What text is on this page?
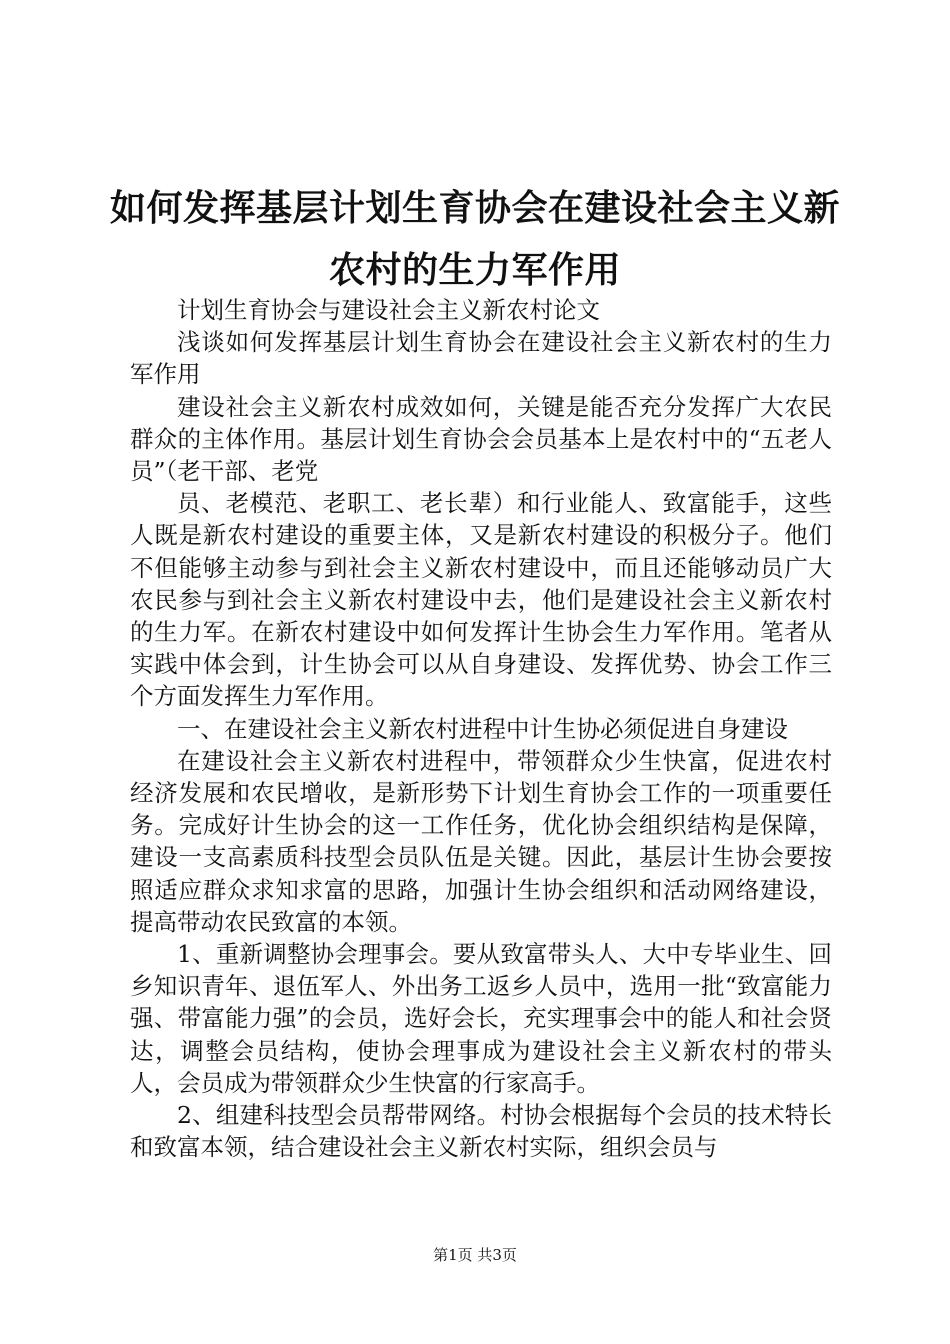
如何发挥基层计划生育协会在建设社会主义新
农村的生力军作用

计划生育协会与建设社会主义新农村论文

浅谈如何发挥基层计划生育协会在建设社会主义新农村的生力军作用

建设社会主义新农村成效如何，关键是能否充分发挥广大农民群众的主体作用。基层计划生育协会会员基本上是农村中的“五老人员”（老干部、老党

员、老模范、老职工、老长辈）和行业能人、致富能手，这些人既是新农村建设的重要主体，又是新农村建设的积极分子。他们不但能够主动参与到社会主义新农村建设中，而且还能够动员广大农民参与到社会主义新农村建设中去，他们是建设社会主义新农村的生力军。在新农村建设中如何发挥计生协会生力军作用。笔者从实践中体会到，计生协会可以从自身建设、发挥优势、协会工作三个方面发挥生力军作用。

一、在建设社会主义新农村进程中计生协必须促进自身建设

在建设社会主义新农村进程中，带领群众少生快富，促进农村经济发展和农民增收，是新形势下计划生育协会工作的一项重要任务。完成好计生协会的这一工作任务，优化协会组织结构是保障，建设一支高素质科技型会员队伍是关键。因此，基层计生协会要按照适应群众求知求富的思路，加强计生协会组织和活动网络建设，提高带动农民致富的本领。

1、重新调整协会理事会。要从致富带头人、大中专毕业生、回乡知识青年、退伍军人、外出务工返乡人员中，选用一批“致富能力强、带富能力强”的会员，选好会长，充实理事会中的能人和社会贤达，调整会员结构，使协会理事成为建设社会主义新农村的带头人，会员成为带领群众少生快富的行家高手。

2、组建科技型会员帮带网络。村协会根据每个会员的技术特长和致富本领，结合建设社会主义新农村实际，组织会员与

第1页 共3页
